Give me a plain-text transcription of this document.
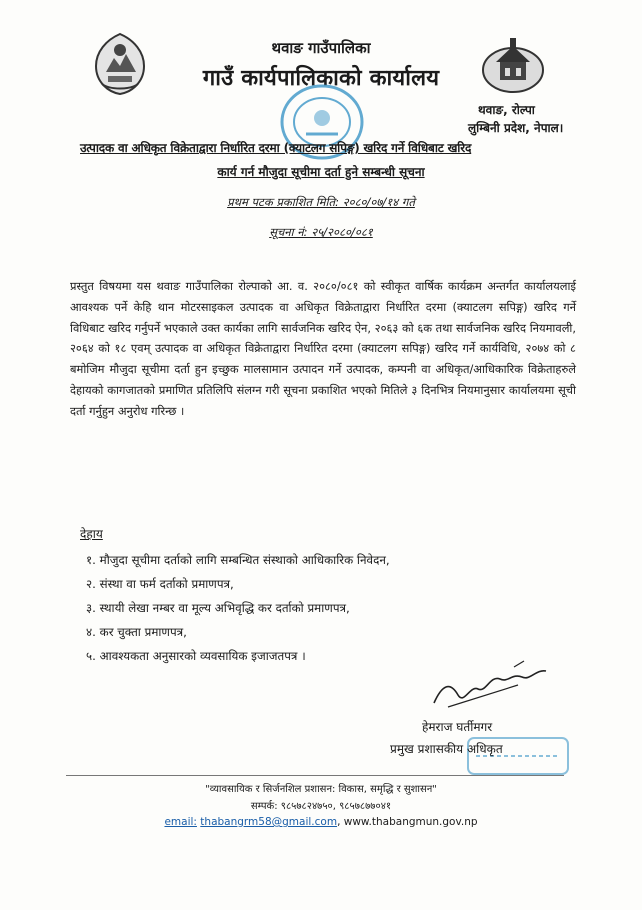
थवाङ गाउँपालिका
गाउँ कार्यपालिकाको कार्यालय
थवाङ, रोल्पा
लुम्बिनी प्रदेश, नेपाल।
उत्पादक वा अधिकृत विक्रेताद्वारा निर्धारित दरमा (क्याटलग सपिङ्ग) खरिद गर्ने विधिबाट खरिद
कार्य गर्न मौजुदा सूचीमा दर्ता हुने सम्बन्धी सूचना
प्रथम पटक प्रकाशित मिति: २०८०/०७/१४ गते
सूचना नं: २५/२०८०/०८१
प्रस्तुत विषयमा यस थवाङ गाउँपालिका रोल्पाको आ. व. २०८०/०८१ को स्वीकृत वार्षिक कार्यक्रम अन्तर्गत कार्यालयलाई आवश्यक पर्ने केहि थान मोटरसाइकल उत्पादक वा अधिकृत विक्रेताद्वारा निर्धारित दरमा (क्याटलग सपिङ्ग) खरिद गर्ने विधिबाट खरिद गर्नुपर्ने भएकाले उक्त कार्यका लागि सार्वजनिक खरिद ऐन, २०६३ को ६क तथा सार्वजनिक खरिद नियमावली, २०६४ को १८ एवम् उत्पादक वा अधिकृत विक्रेताद्वारा निर्धारित दरमा (क्याटलग सपिङ्ग) खरिद गर्ने कार्यविधि, २०७४ को ८ बमोजिम मौजुदा सूचीमा दर्ता हुन इच्छुक मालसामान उत्पादन गर्ने उत्पादक, कम्पनी वा अधिकृत/आधिकारिक विक्रेताहरुले देहायको कागजातको प्रमाणित प्रतिलिपि संलग्न गरी सूचना प्रकाशित भएको मितिले ३ दिनभित्र नियमानुसार कार्यालयमा सूची दर्ता गर्नुहुन अनुरोध गरिन्छ ।
देहाय
१. मौजुदा सूचीमा दर्ताको लागि सम्बन्धित संस्थाको आधिकारिक निवेदन,
२. संस्था वा फर्म दर्ताको प्रमाणपत्र,
३. स्थायी लेखा नम्बर वा मूल्य अभिवृद्धि कर दर्ताको प्रमाणपत्र,
४. कर चुक्ता प्रमाणपत्र,
५. आवश्यकता अनुसारको व्यवसायिक इजाजतपत्र ।
हेमराज घर्तीमगर
प्रमुख प्रशासकीय अधिकृत
"व्यावसायिक र सिर्जनशिल प्रशासन: विकास, समृद्धि र सुशासन"
सम्पर्क: ९८५७८२४७५०, ९८५७८७७०४१
email: thabangrm58@gmail.com, www.thabangmun.gov.np
